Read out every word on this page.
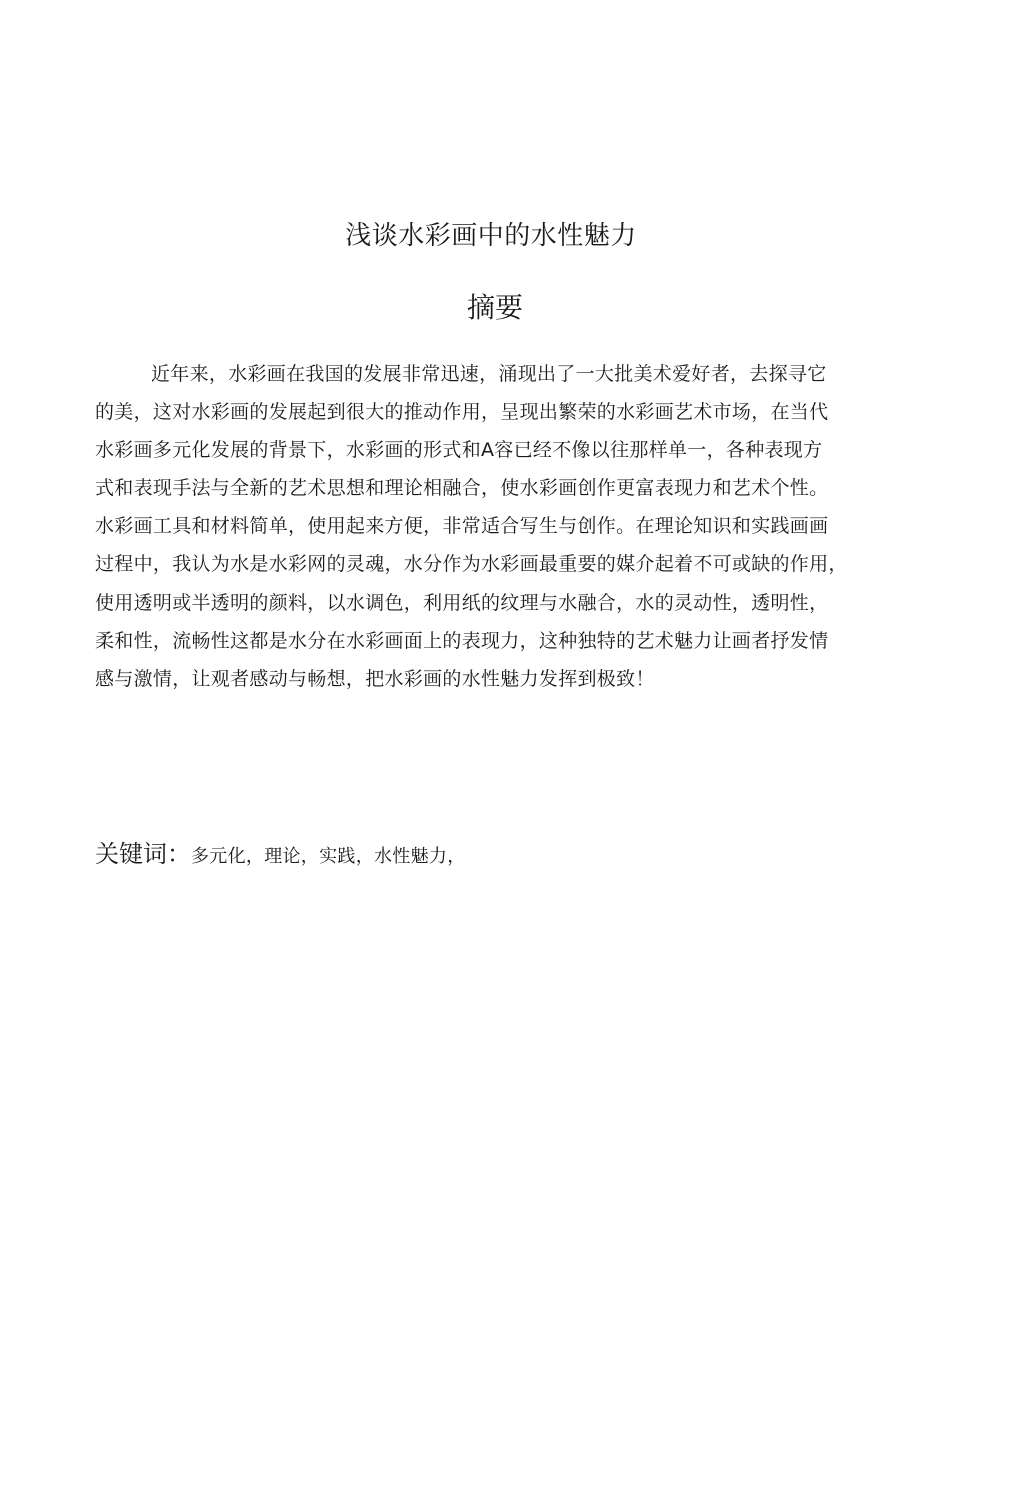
浅谈水彩画中的水性魅力
摘要
近年来，水彩画在我国的发展非常迅速，涌现出了一大批美术爱好者，去探寻它
的美，这对水彩画的发展起到很大的推动作用，呈现出繁荣的水彩画艺术市场，在当代
水彩画多元化发展的背景下，水彩画的形式和A容已经不像以往那样单一，各种表现方
式和表现手法与全新的艺术思想和理论相融合，使水彩画创作更富表现力和艺术个性。
水彩画工具和材料简单，使用起来方便，非常适合写生与创作。在理论知识和实践画画
过程中，我认为水是水彩网的灵魂，水分作为水彩画最重要的媒介起着不可或缺的作用，
使用透明或半透明的颜料，以水调色，利用纸的纹理与水融合，水的灵动性，透明性，
柔和性，流畅性这都是水分在水彩画面上的表现力，这种独特的艺术魅力让画者抒发情
感与激情，让观者感动与畅想，把水彩画的水性魅力发挥到极致！
关键词：多元化，理论，实践，水性魅力，
